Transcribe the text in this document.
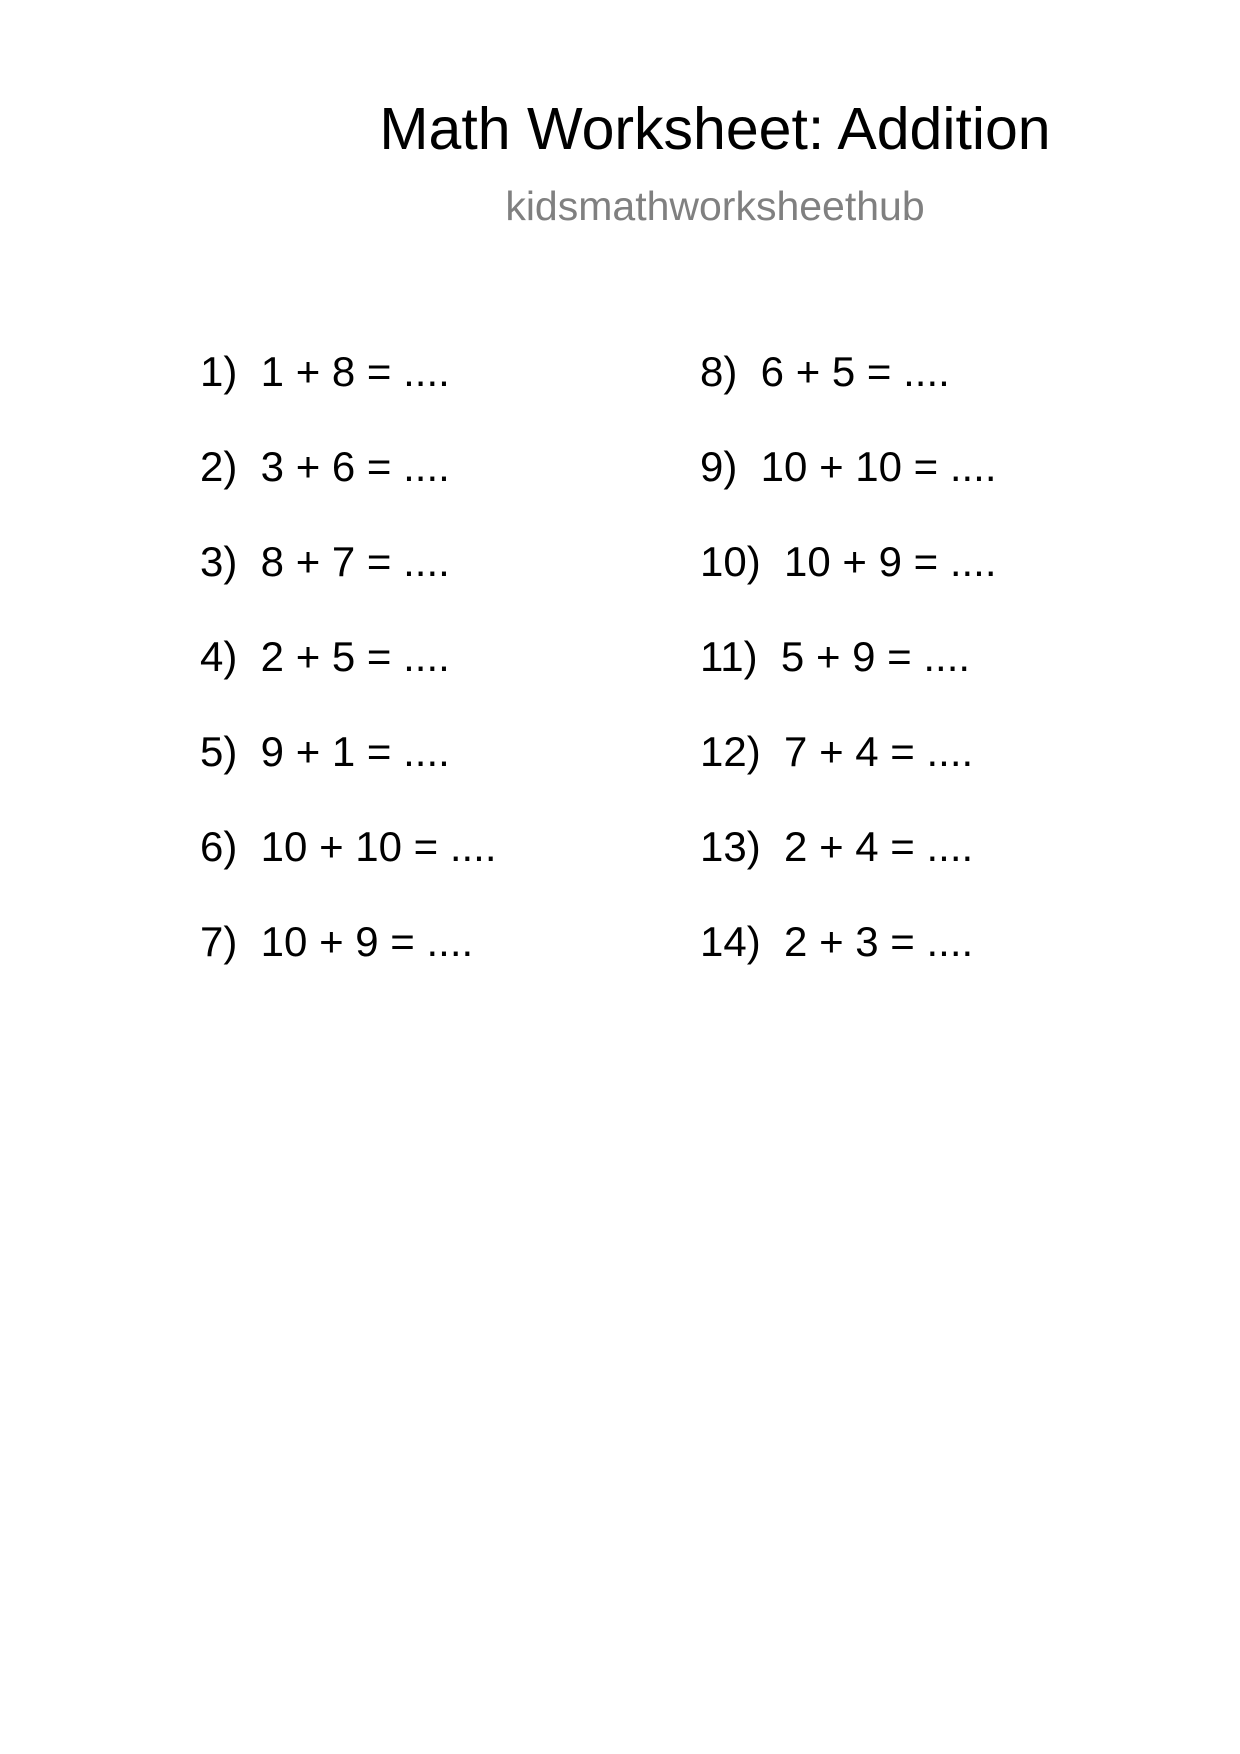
Math Worksheet: Addition
kidsmathworksheethub
1)  1 + 8 = ....
2)  3 + 6 = ....
3)  8 + 7 = ....
4)  2 + 5 = ....
5)  9 + 1 = ....
6)  10 + 10 = ....
7)  10 + 9 = ....
8)  6 + 5 = ....
9)  10 + 10 = ....
10)  10 + 9 = ....
11)  5 + 9 = ....
12)  7 + 4 = ....
13)  2 + 4 = ....
14)  2 + 3 = ....
